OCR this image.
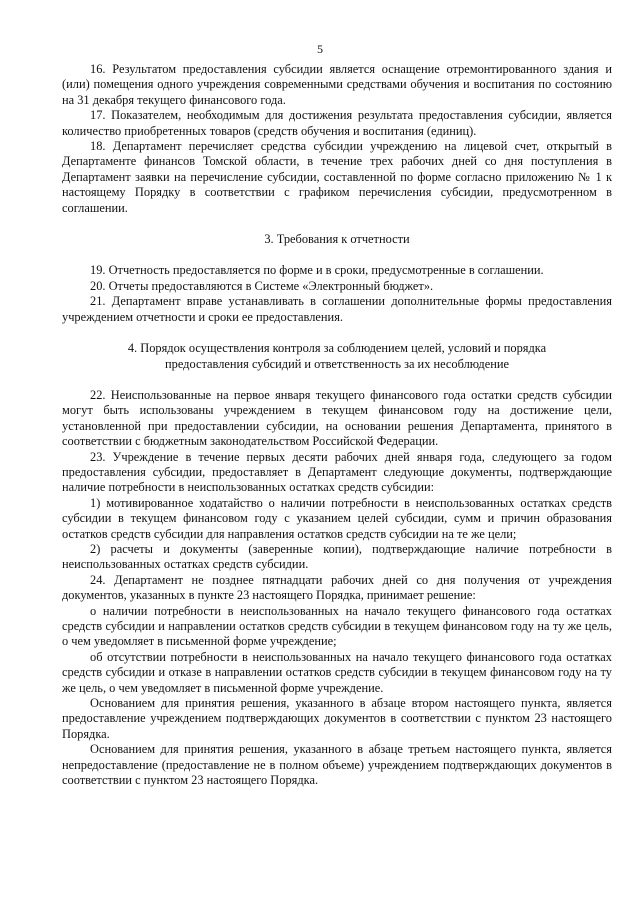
5

16. Результатом предоставления субсидии является оснащение отремонтированного здания и (или) помещения одного учреждения современными средствами обучения и воспитания по состоянию на 31 декабря текущего финансового года.

17. Показателем, необходимым для достижения результата предоставления субсидии, является количество приобретенных товаров (средств обучения и воспитания (единиц).

18. Департамент перечисляет средства субсидии учреждению на лицевой счет, открытый в Департаменте финансов Томской области, в течение трех рабочих дней со дня поступления в Департамент заявки на перечисление субсидии, составленной по форме согласно приложению № 1 к настоящему Порядку в соответствии с графиком перечисления субсидии, предусмотренном в соглашении.

3. Требования к отчетности

19. Отчетность предоставляется по форме и в сроки, предусмотренные в соглашении.

20. Отчеты предоставляются в Системе «Электронный бюджет».

21. Департамент вправе устанавливать в соглашении дополнительные формы предоставления учреждением отчетности и сроки ее предоставления.

4. Порядок осуществления контроля за соблюдением целей, условий и порядка предоставления субсидий и ответственность за их несоблюдение

22. Неиспользованные на первое января текущего финансового года остатки средств субсидии могут быть использованы учреждением в текущем финансовом году на достижение цели, установленной при предоставлении субсидии, на основании решения Департамента, принятого в соответствии с бюджетным законодательством Российской Федерации.

23. Учреждение в течение первых десяти рабочих дней января года, следующего за годом предоставления субсидии, предоставляет в Департамент следующие документы, подтверждающие наличие потребности в неиспользованных остатках средств субсидии:

1) мотивированное ходатайство о наличии потребности в неиспользованных остатках средств субсидии в текущем финансовом году с указанием целей субсидии, сумм и причин образования остатков средств субсидии для направления остатков средств субсидии на те же цели;

2) расчеты и документы (заверенные копии), подтверждающие наличие потребности в неиспользованных остатках средств субсидии.

24. Департамент не позднее пятнадцати рабочих дней со дня получения от учреждения документов, указанных в пункте 23 настоящего Порядка, принимает решение:

о наличии потребности в неиспользованных на начало текущего финансового года остатках средств субсидии и направлении остатков средств субсидии в текущем финансовом году на ту же цель, о чем уведомляет в письменной форме учреждение;

об отсутствии потребности в неиспользованных на начало текущего финансового года остатках средств субсидии и отказе в направлении остатков средств субсидии в текущем финансовом году на ту же цель, о чем уведомляет в письменной форме учреждение.

Основанием для принятия решения, указанного в абзаце втором настоящего пункта, является предоставление учреждением подтверждающих документов в соответствии с пунктом 23 настоящего Порядка.

Основанием для принятия решения, указанного в абзаце третьем настоящего пункта, является непредоставление (предоставление не в полном объеме) учреждением подтверждающих документов в соответствии с пунктом 23 настоящего Порядка.
